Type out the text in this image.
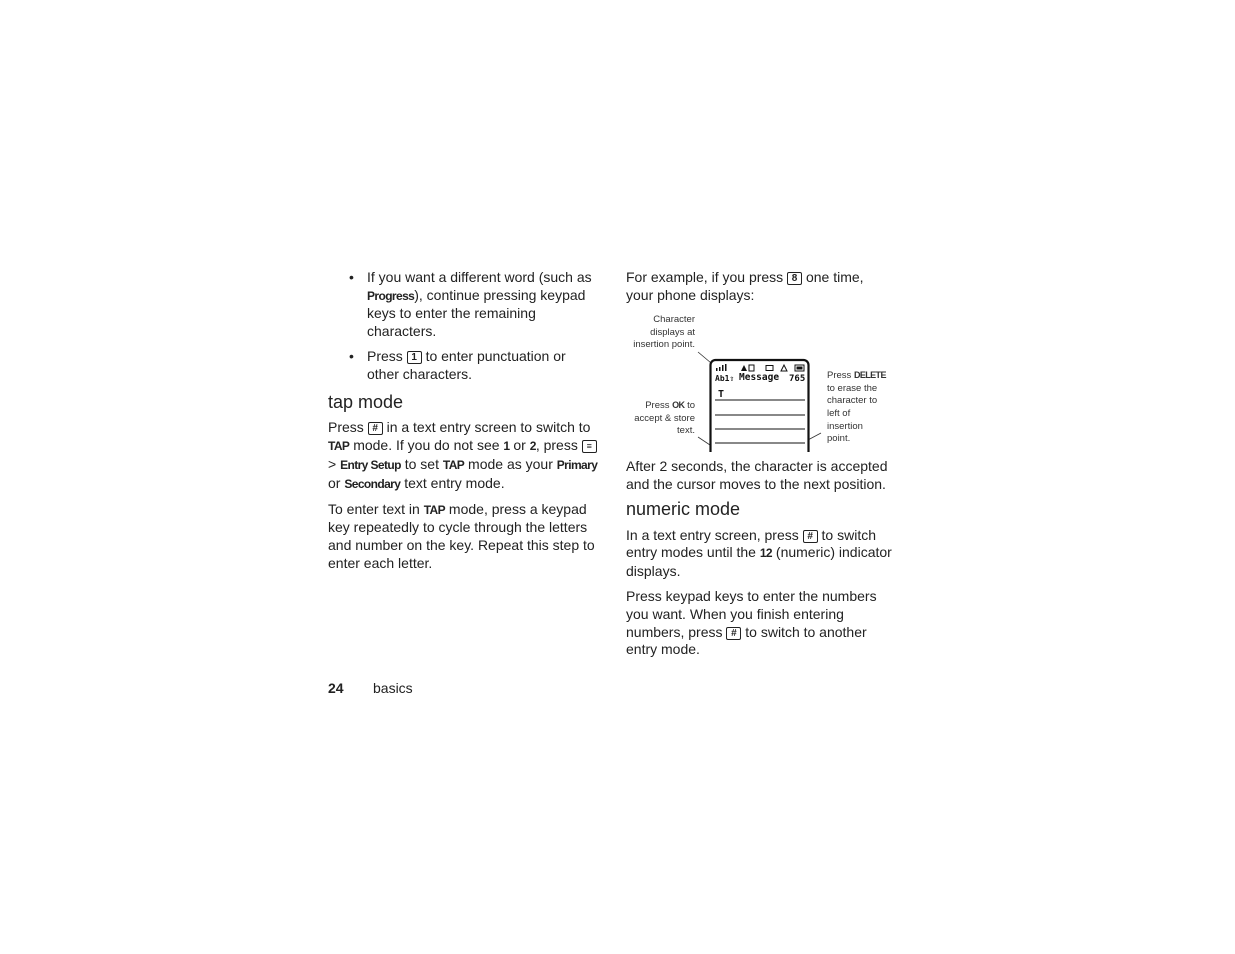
• If you want a different word (such as Progress), continue pressing keypad keys to enter the remaining characters.
• Press 1 to enter punctuation or other characters.
tap mode

Press # in a text entry screen to switch to TAP mode. If you do not see 1 or 2, press ≡ > Entry Setup to set TAP mode as your Primary or Secondary text entry mode.

To enter text in TAP mode, press a keypad key repeatedly to cycle through the letters and number on the key. Repeat this step to enter each letter.

For example, if you press 8 one time, your phone displays:

Character displays at insertion point.
Press OK to accept & store text.
Press DELETE to erase the character to left of insertion point.
Ab1⇧ Message 765
T

After 2 seconds, the character is accepted and the cursor moves to the next position.

numeric mode

In a text entry screen, press # to switch entry modes until the 12 (numeric) indicator displays.

Press keypad keys to enter the numbers you want. When you finish entering numbers, press # to switch to another entry mode.

24 basics
